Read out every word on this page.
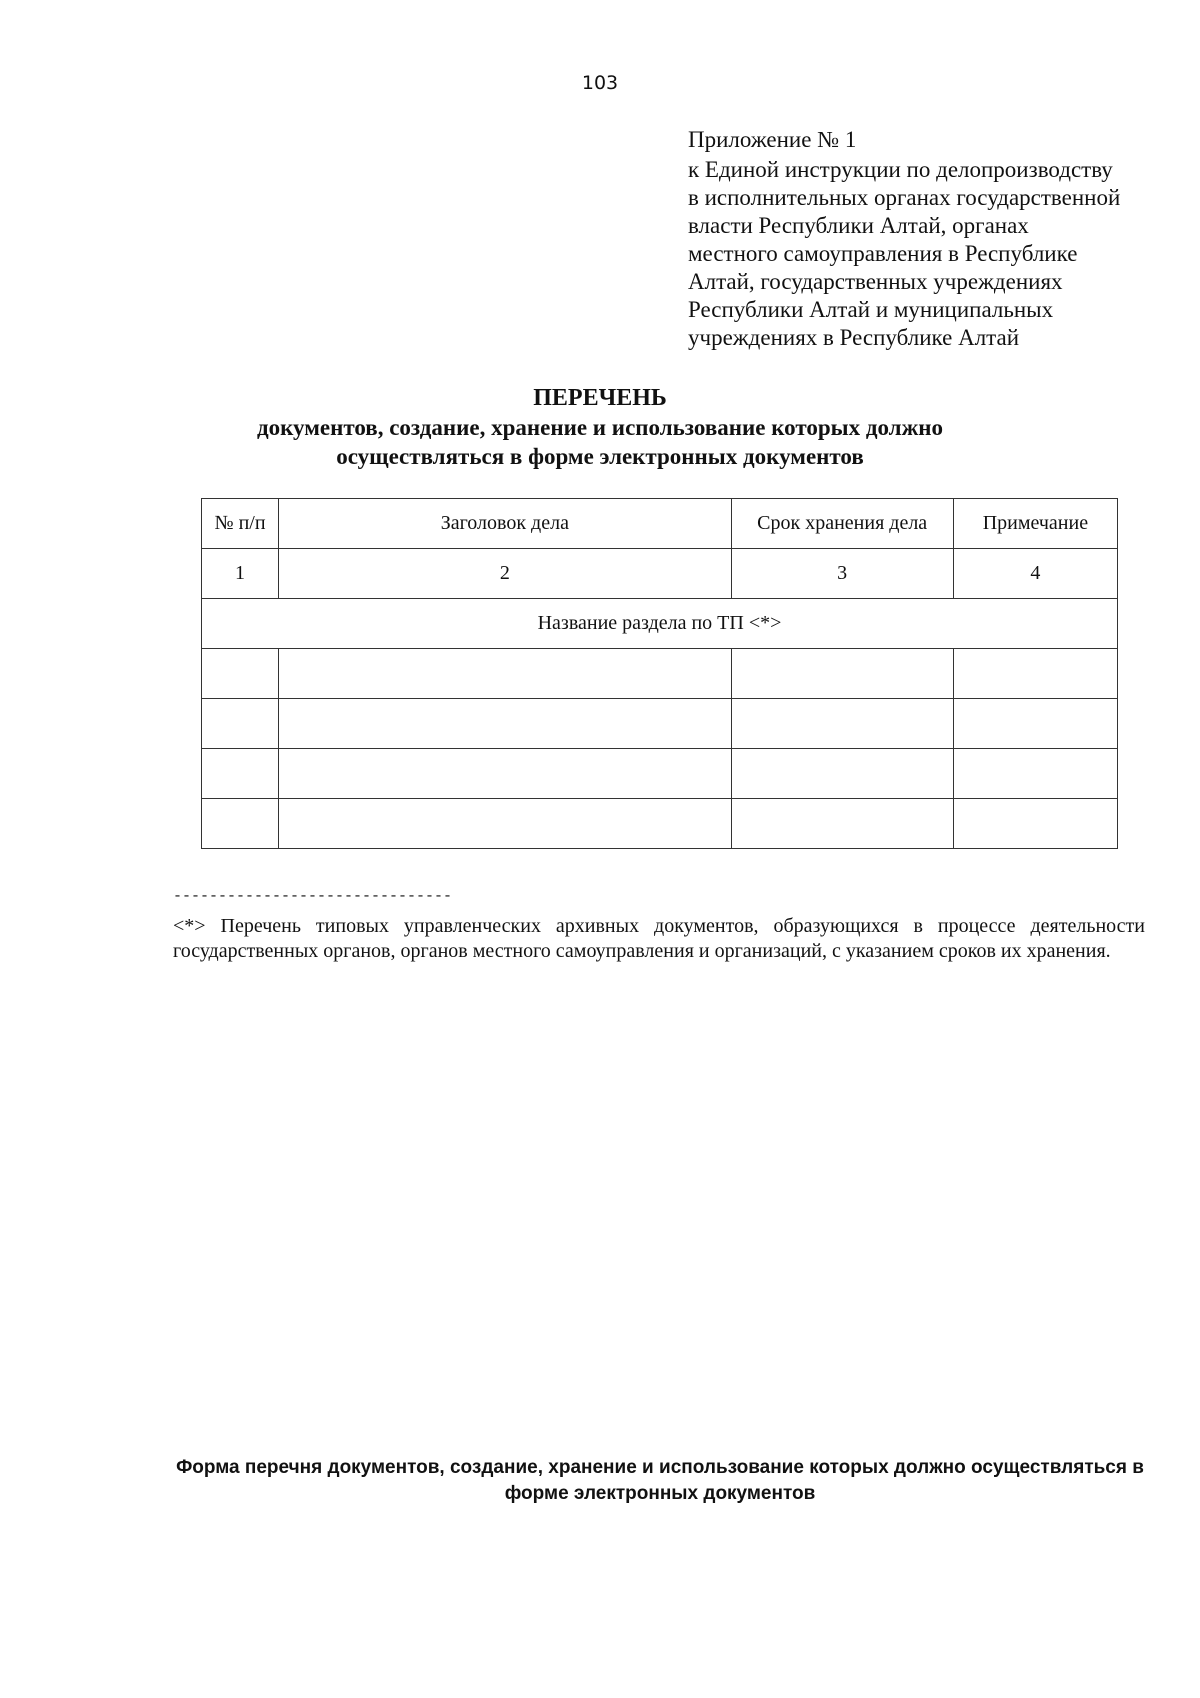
103
Приложение № 1
к Единой инструкции по делопроизводству
в исполнительных органах государственной
власти Республики Алтай, органах
местного самоуправления в Республике
Алтай, государственных учреждениях
Республики Алтай и муниципальных
учреждениях в Республике Алтай
ПЕРЕЧЕНЬ
документов, создание, хранение и использование которых должно
осуществляться в форме электронных документов
№ п/п	Заголовок дела	Срок хранения дела	Примечание
1	2	3	4
Название раздела по ТП <*>			

-------------------------------
<*> Перечень типовых управленческих архивных документов, образующихся в процессе деятельности государственных органов, органов местного самоуправления и организаций, с указанием сроков их хранения.
Форма перечня документов, создание, хранение и использование которых должно осуществляться в
форме электронных документов
